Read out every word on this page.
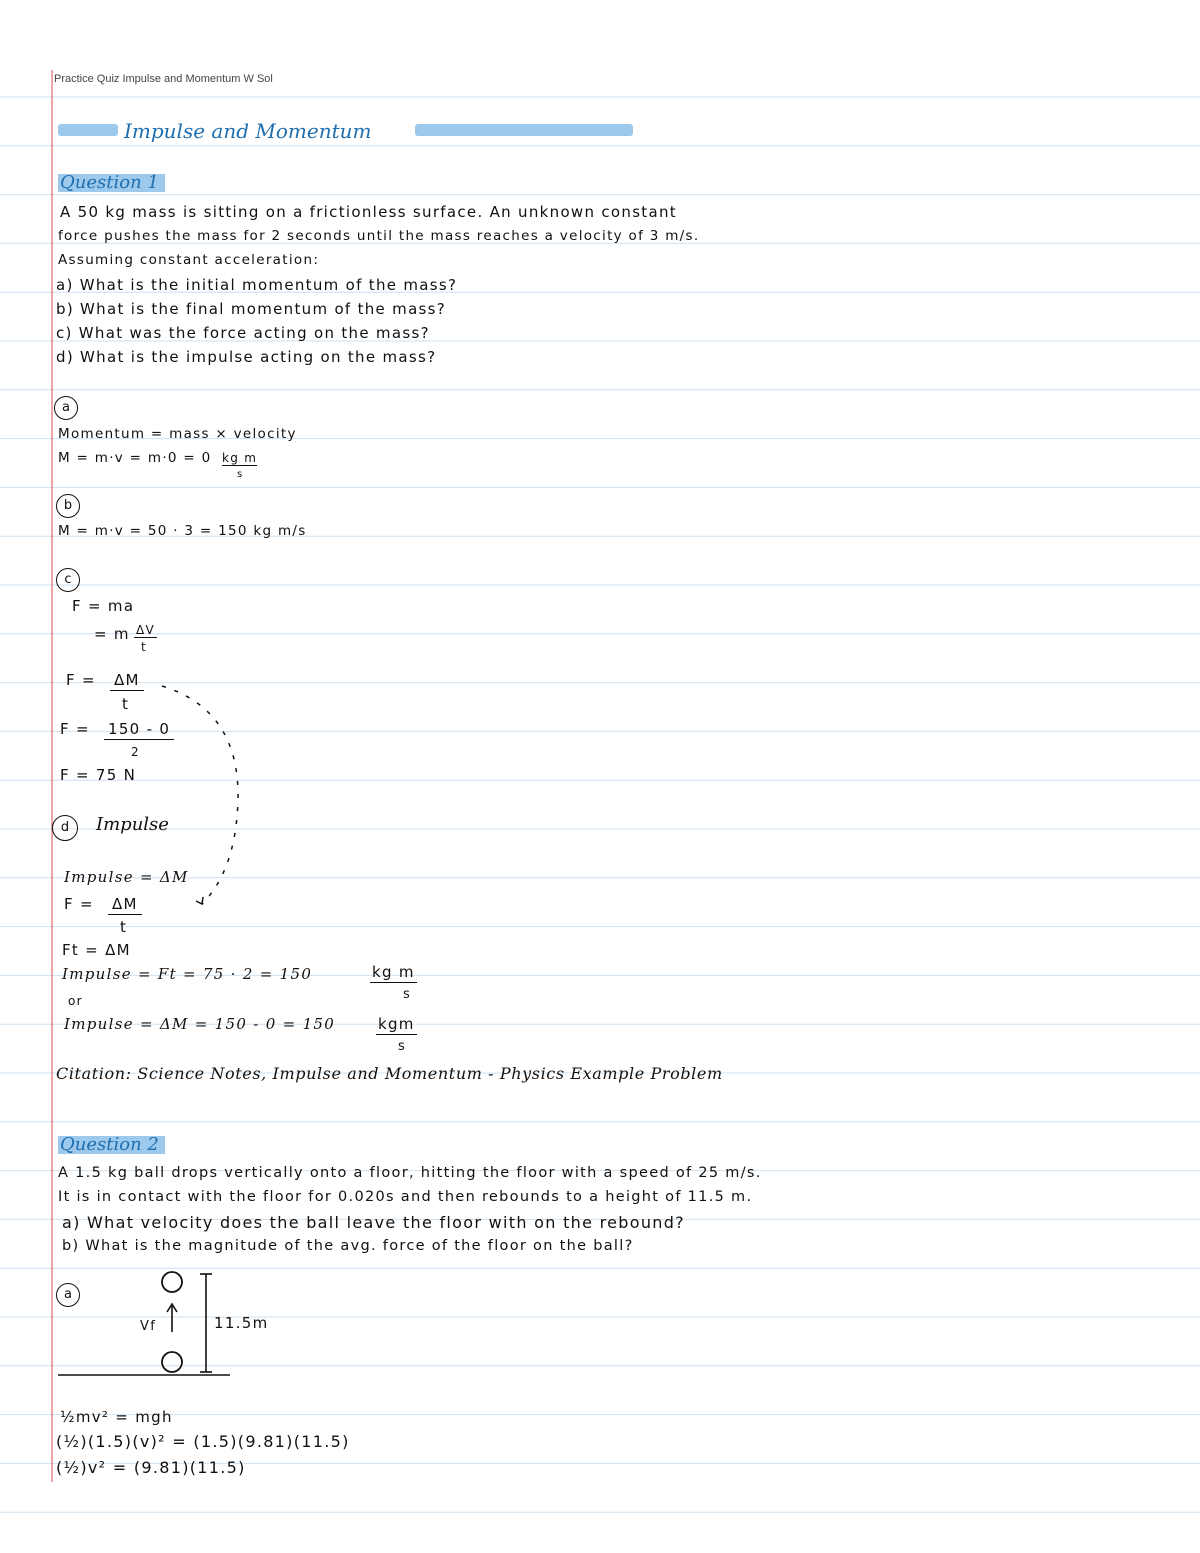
Practice Quiz Impulse and Momentum W Sol
Impulse and Momentum
Question 1
A 50 kg mass is sitting on a frictionless surface. An unknown constant
force pushes the mass for 2 seconds until the mass reaches a velocity of 3 m/s.
Assuming constant acceleration:
a) What is the initial momentum of the mass?
b) What is the final momentum of the mass?
c) What was the force acting on the mass?
d) What is the impulse acting on the mass?
a
Momentum = mass × velocity
M = m·v = m·0 = 0 kg m
s
b
M = m·v = 50 · 3 = 150 kg m/s
c
F = ma
= m ΔV
t
F = ΔM
t
F = 150 - 0
2
F = 75 N
d	Impulse
Impulse = ΔM
F = ΔM
t
Ft = ΔM
Impulse = Ft = 75 · 2 = 150	kg m
s
or
Impulse = ΔM = 150 - 0 = 150	kgm
s
Citation: Science Notes, Impulse and Momentum - Physics Example Problem
Question 2
A 1.5 kg ball drops vertically onto a floor, hitting the floor with a speed of 25 m/s.
It is in contact with the floor for 0.020s and then rebounds to a height of 11.5 m.
a) What velocity does the ball leave the floor with on the rebound?
b) What is the magnitude of the avg. force of the floor on the ball?
a
Vf	11.5m
½mv² = mgh
(½)(1.5)(v)² = (1.5)(9.81)(11.5)
(½)v² = (9.81)(11.5)
